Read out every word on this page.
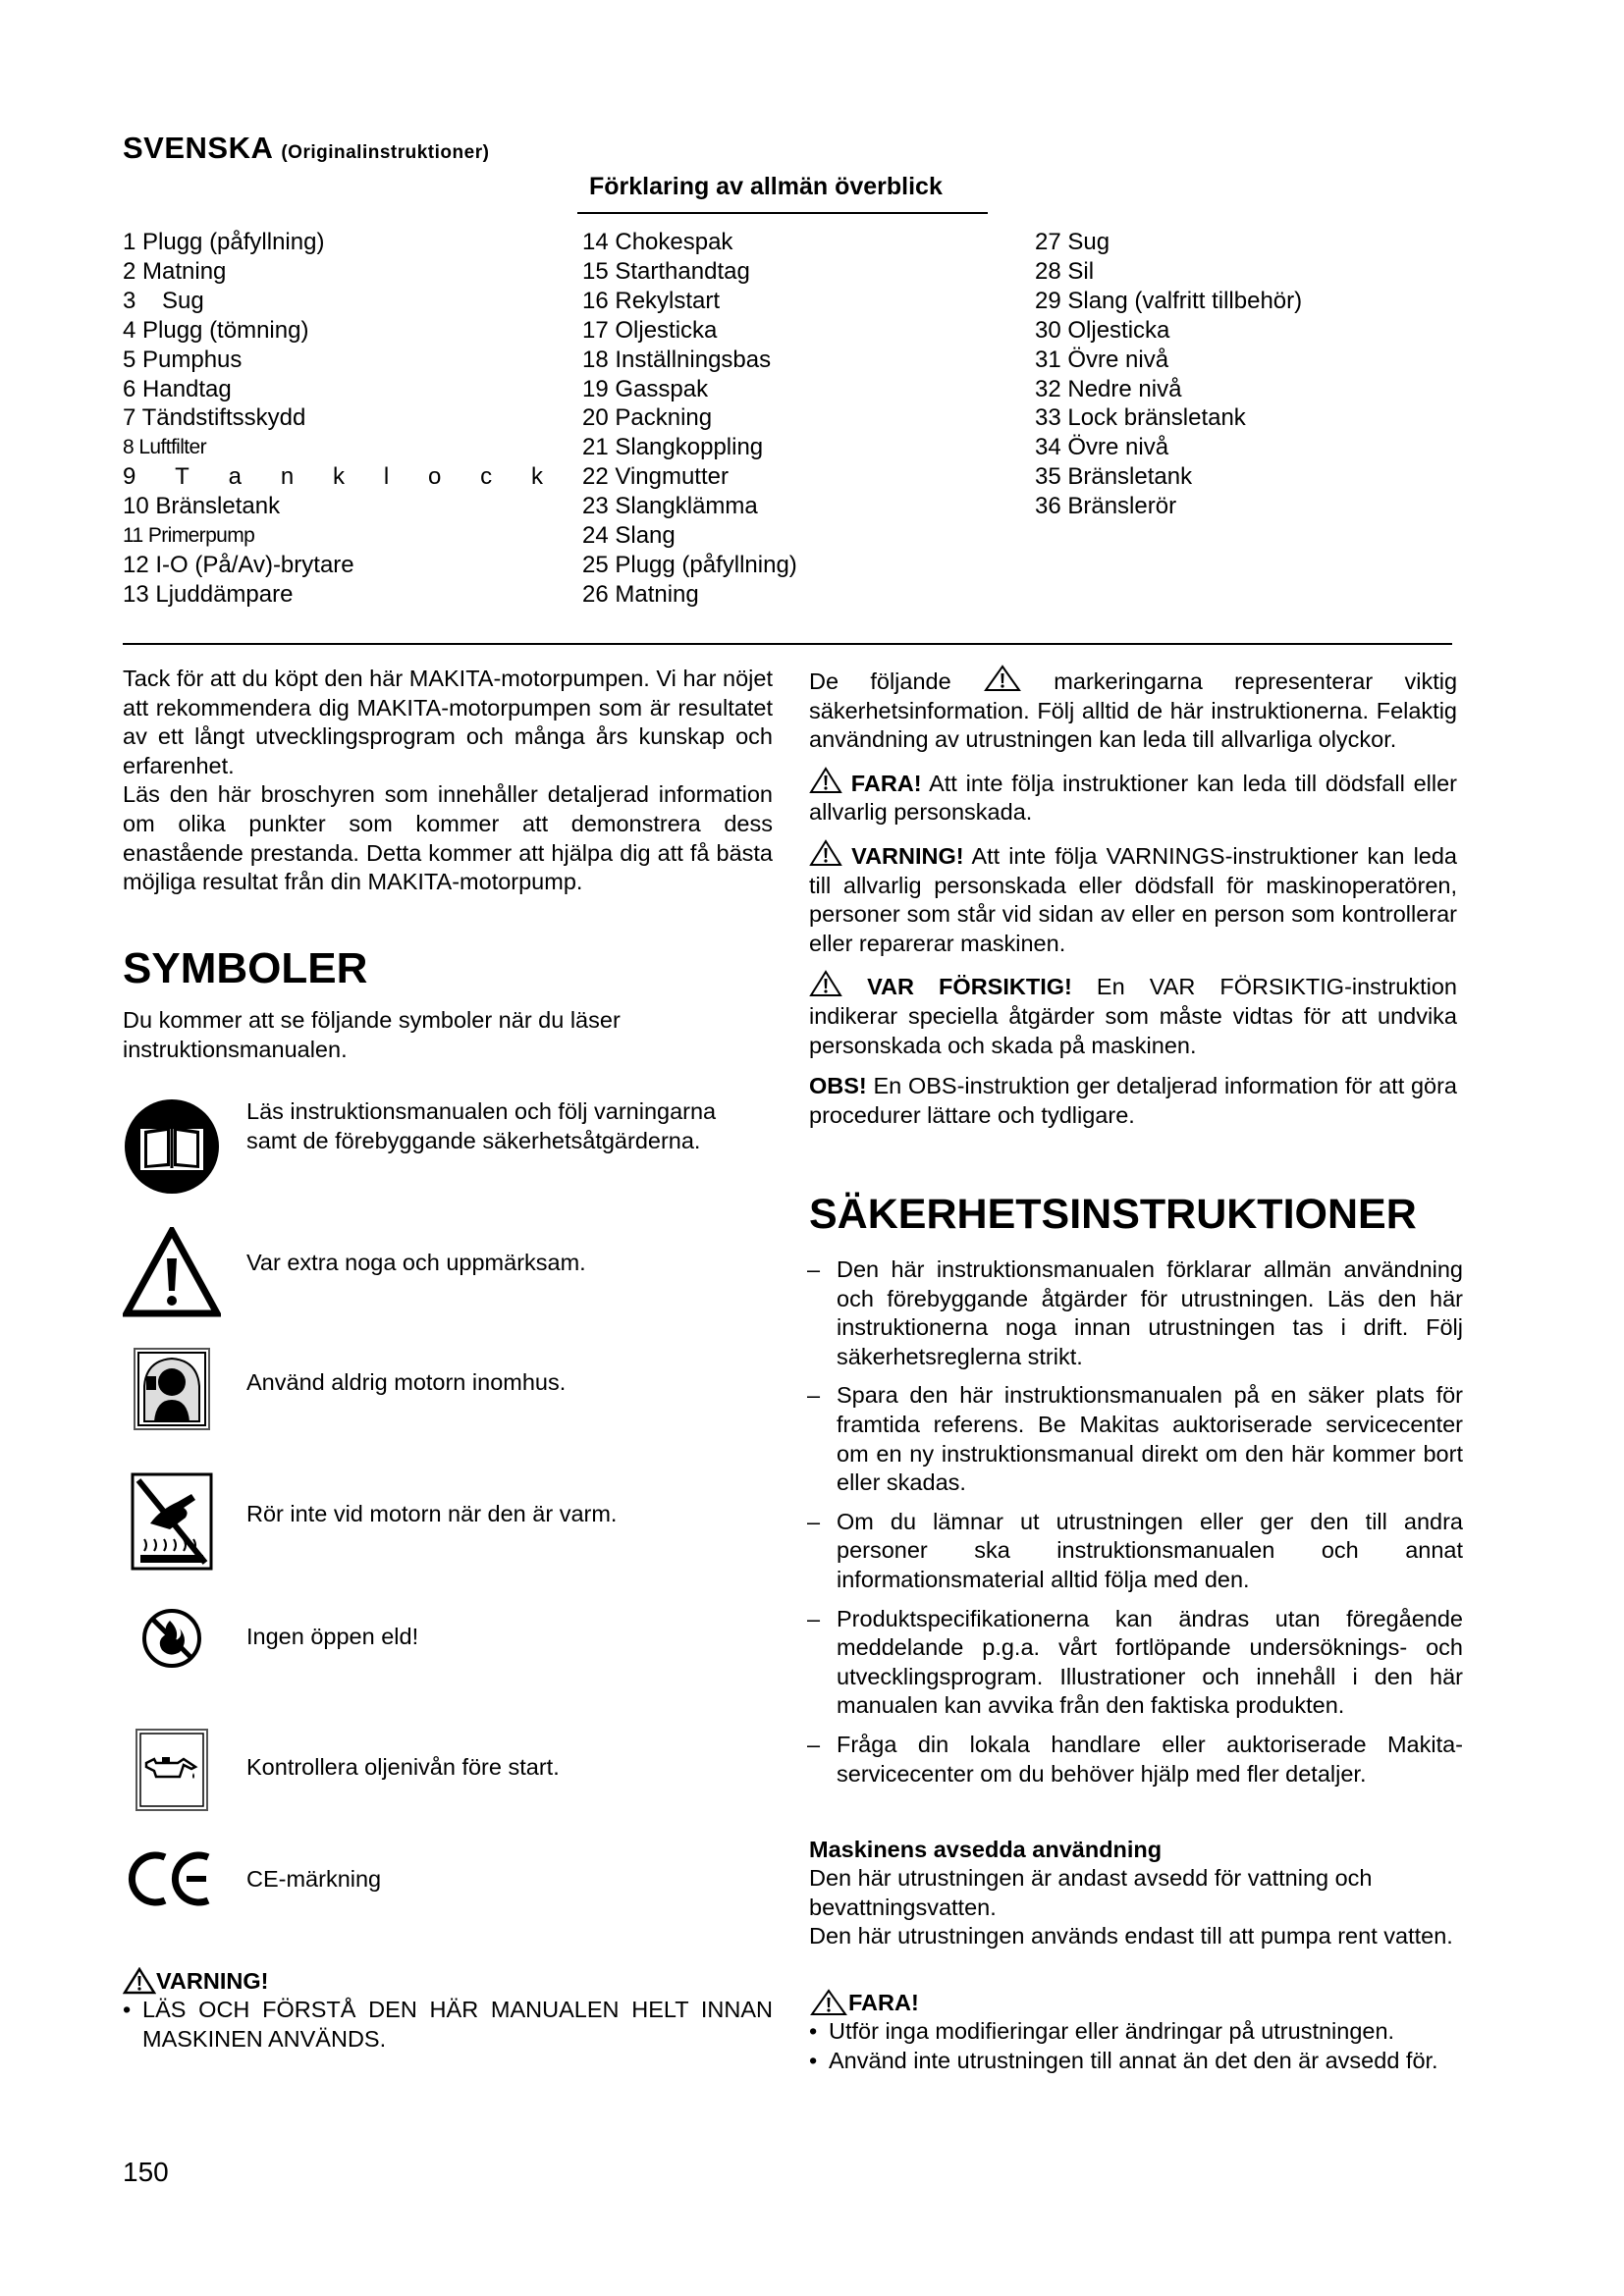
SVENSKA (Originalinstruktioner)
Förklaring av allmän överblick
1 Plugg (påfyllning)
2 Matning
3    Sug
4 Plugg (tömning)
5 Pumphus
6 Handtag
7 Tändstiftsskydd
8 Luftfilter
9 T a n k l o c k
10 Bränsletank
11 Primerpump
12 I-O (På/Av)-brytare
13 Ljuddämpare
14 Chokespak
15 Starthandtag
16 Rekylstart
17 Oljesticka
18 Inställningsbas
19 Gasspak
20 Packning
21 Slangkoppling
22 Vingmutter
23 Slangklämma
24 Slang
25 Plugg (påfyllning)
26 Matning
27 Sug
28 Sil
29 Slang (valfritt tillbehör)
30 Oljesticka
31 Övre nivå
32 Nedre nivå
33 Lock bränsletank
34 Övre nivå
35 Bränsletank
36 Bränslerör

Tack för att du köpt den här MAKITA-motorpumpen. Vi har nöjet att rekommendera dig MAKITA-motorpumpen som är resultatet av ett långt utvecklingsprogram och många års kunskap och erfarenhet.

Läs den här broschyren som innehåller detaljerad information om olika punkter som kommer att demonstrera dess enastående prestanda. Detta kommer att hjälpa dig att få bästa möjliga resultat från din MAKITA-motorpump.

SYMBOLER
Du kommer att se följande symboler när du läser instruktionsmanualen.
Läs instruktionsmanualen och följ varningarna samt de förebyggande säkerhetsåtgärderna.
Var extra noga och uppmärksam.
Använd aldrig motorn inomhus.
Rör inte vid motorn när den är varm.
Ingen öppen eld!
Kontrollera oljenivån före start.
CE-märkning
VARNING!
• LÄS OCH FÖRSTÅ DEN HÄR MANUALEN HELT INNAN MASKINEN ANVÄNDS.

De följande	markeringarna representerar viktig säkerhetsinformation. Följ alltid de här instruktionerna. Felaktig användning av utrustningen kan leda till allvarliga olyckor.

FARA! Att inte följa instruktioner kan leda till dödsfall eller allvarlig personskada.

VARNING! Att inte följa VARNINGS-instruktioner kan leda till allvarlig personskada eller dödsfall för maskinoperatören, personer som står vid sidan av eller en person som kontrollerar eller reparerar maskinen.

VAR FÖRSIKTIG! En VAR FÖRSIKTIG-instruktion indikerar speciella åtgärder som måste vidtas för att undvika personskada och skada på maskinen.

OBS! En OBS-instruktion ger detaljerad information för att göra procedurer lättare och tydligare.

SÄKERHETSINSTRUKTIONER
– Den här instruktionsmanualen förklarar allmän användning och förebyggande åtgärder för utrustningen. Läs den här instruktionerna noga innan utrustningen tas i drift. Följ säkerhetsreglerna strikt.
– Spara den här instruktionsmanualen på en säker plats för framtida referens. Be Makitas auktoriserade servicecenter om en ny instruktionsmanual direkt om den här kommer bort eller skadas.
– Om du lämnar ut utrustningen eller ger den till andra personer ska instruktionsmanualen och annat informationsmaterial alltid följa med den.
– Produktspecifikationerna kan ändras utan föregående meddelande p.g.a. vårt fortlöpande undersöknings- och utvecklingsprogram. Illustrationer och innehåll i den här manualen kan avvika från den faktiska produkten.
– Fråga din lokala handlare eller auktoriserade Makita-servicecenter om du behöver hjälp med fler detaljer.
Maskinens avsedda användning

Den här utrustningen är andast avsedd för vattning och bevattningsvatten.

Den här utrustningen används endast till att pumpa rent vatten.

FARA!
• Utför inga modifieringar eller ändringar på utrustningen.
• Använd inte utrustningen till annat än det den är avsedd för.
150
